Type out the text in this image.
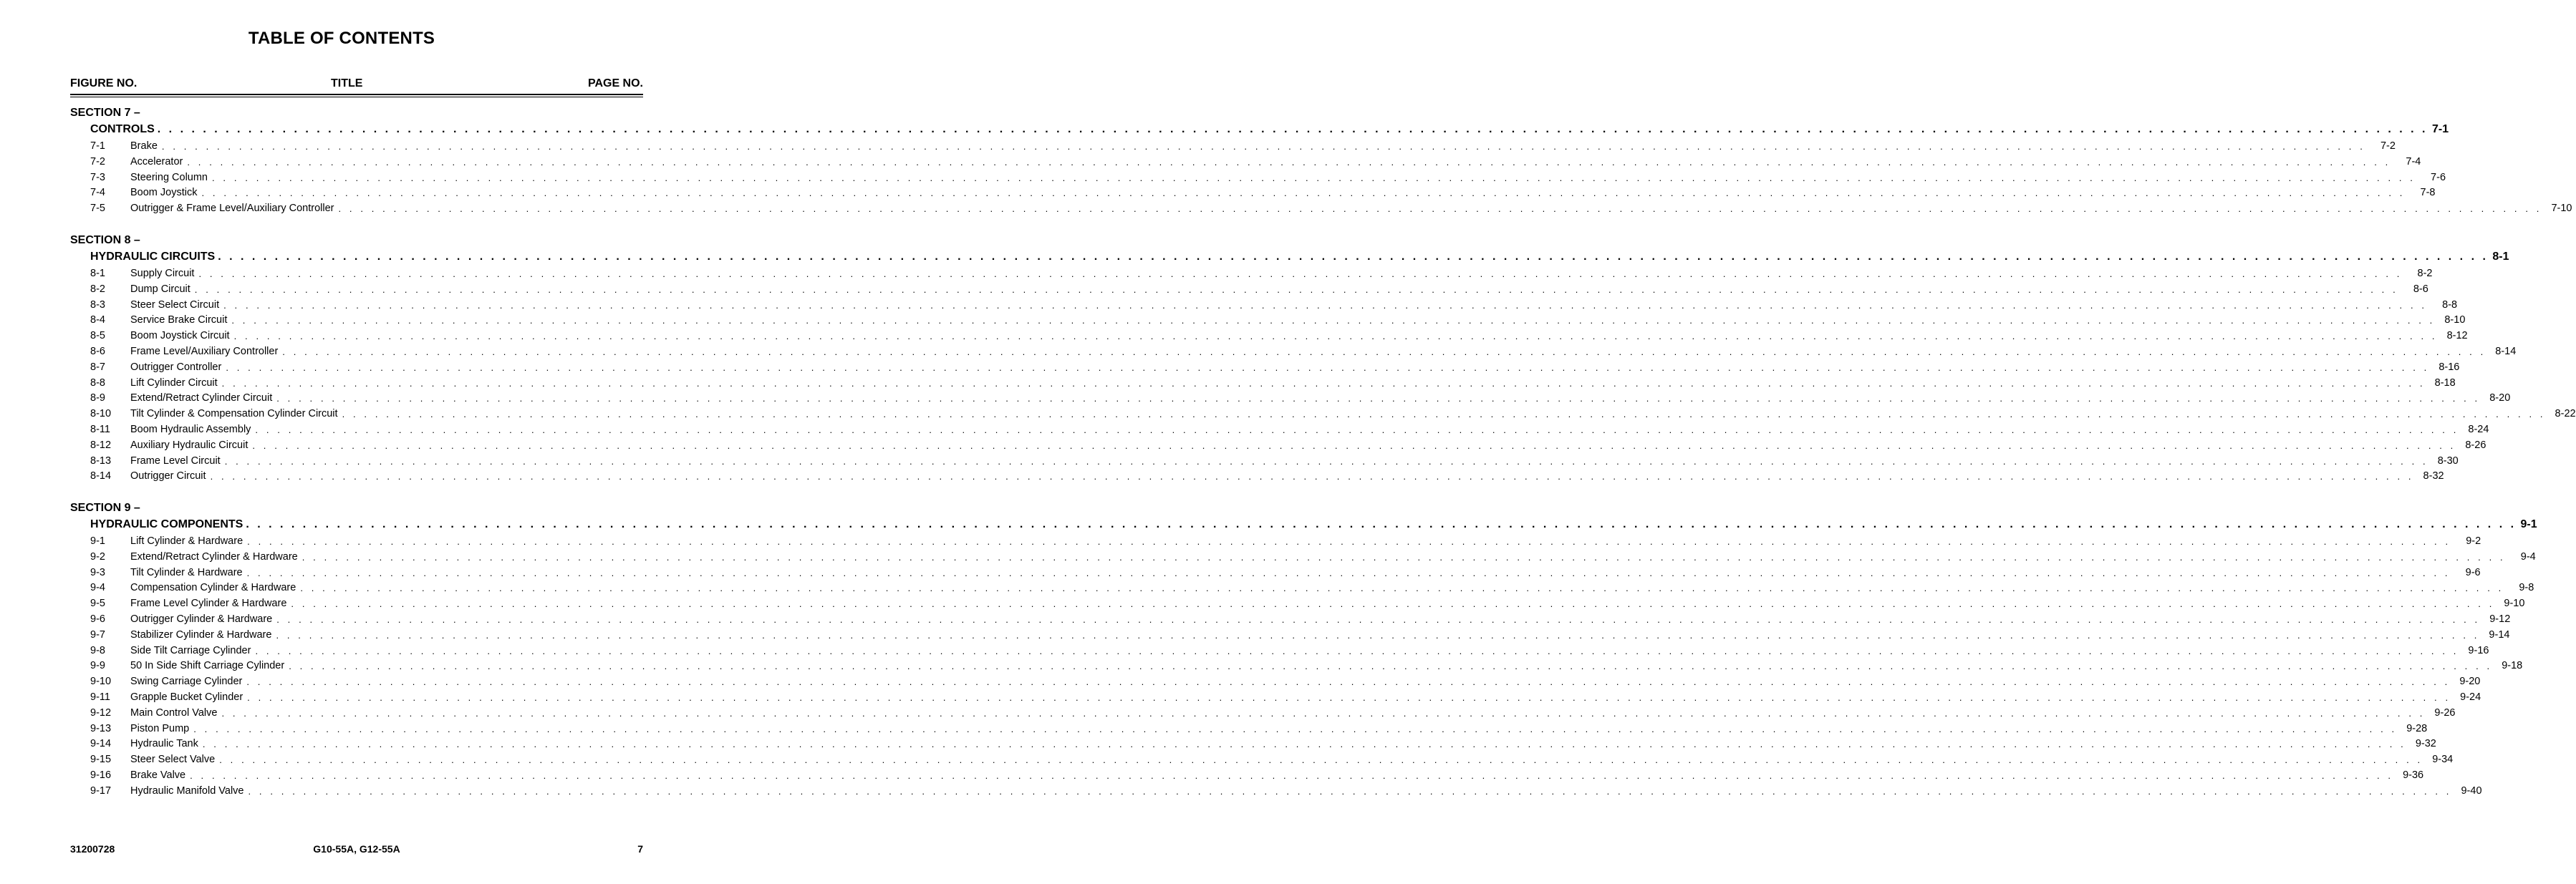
TABLE OF CONTENTS
FIGURE NO.	TITLE	PAGE NO.
SECTION 7 –
CONTROLS . . . . . . . . . . . . . . . . . . . . . . . . . . . . . . . . . . . . . . . . . . . . . . . . . . . . . . . . . . . . . . . . . . . . . . . . . . . . . . . . . . . . . . . . . . . . . . . . . . . . . . . . . . . . . . . . . . . . . . . . . . . . . . . . . . . . . . . . . . . . . . . . . . . . . . . . . . . . . . . . . . . . . . . . . . . . . . . . . . . . . . . . . . . . . . . . . . . . . . . . 7-1
7-1	Brake . . . . . . . . . . . . . . . . . . . . . . . . . . . . . . . . . . . . . . . . . . . . . . . . . . . . . . . . . . . . . . . . . . . . . . . . . . . . . . . . . . . . . . . . . . . . . . . . . . . . . . . . . . . . . . . . . . . . . . . . . . . . . . . . . . . . . . . . . . . . . . . . . . . . . . . . . . . . . . . . . . . . . . . . . . . . . . . . . . . . . . . . . . . . . . . . . . . . . . . .	7-2
7-2	Accelerator . . . . . . . . . . . . . . . . . . . . . . . . . . . . . . . . . . . . . . . . . . . . . . . . . . . . . . . . . . . . . . . . . . . . . . . . . . . . . . . . . . . . . . . . . . . . . . . . . . . . . . . . . . . . . . . . . . . . . . . . . . . . . . . . . . . . . . . . . . . . . . . . . . . . . . . . . . . . . . . . . . . . . . . . . . . . . . . . . . . . . . . . . . . . . . . . . . . . . . . .	7-4
7-3	Steering Column . . . . . . . . . . . . . . . . . . . . . . . . . . . . . . . . . . . . . . . . . . . . . . . . . . . . . . . . . . . . . . . . . . . . . . . . . . . . . . . . . . . . . . . . . . . . . . . . . . . . . . . . . . . . . . . . . . . . . . . . . . . . . . . . . . . . . . . . . . . . . . . . . . . . . . . . . . . . . . . . . . . . . . . . . . . . . . . . . . . . . . . . . . . . . . . . . . . . . . . .	7-6
7-4	Boom Joystick . . . . . . . . . . . . . . . . . . . . . . . . . . . . . . . . . . . . . . . . . . . . . . . . . . . . . . . . . . . . . . . . . . . . . . . . . . . . . . . . . . . . . . . . . . . . . . . . . . . . . . . . . . . . . . . . . . . . . . . . . . . . . . . . . . . . . . . . . . . . . . . . . . . . . . . . . . . . . . . . . . . . . . . . . . . . . . . . . . . . . . . . . . . . . . . . . . . . . . . .	7-8
7-5	Outrigger & Frame Level/Auxiliary Controller . . . . . . . . . . . . . . . . . . . . . . . . . . . . . . . . . . . . . . . . . . . . . . . . . . . . . . . . . . . . . . . . . . . . . . . . . . . . . . . . . . . . . . . . . . . . . . . . . . . . . . . . . . . . . . . . . . . . . . . . . . . . . . . . . . . . . . . . . . . . . . . . . . . . . . . . . . . . . . . . . . . . . . . . . . . . . . . . . . . . . . . . . . . . . . . . . . . . . . . . 7-10
SECTION 8 –
HYDRAULIC CIRCUITS . . . . . . . . . . . . . . . . . . . . . . . . . . . . . . . . . . . . . . . . . . . . . . . . . . . . . . . . . . . . . . . . . . . . . . . . . . . . . . . . . . . . . . . . . . . . . . . . . . . . . . . . . . . . . . . . . . . . . . . . . . . . . . . . . . . . . . . . . . . . . . . . . . . . . . . . . . . . . . . . . . . . . . . . . . . . . . . . . . . . . . . . . . . . . . . . . . . . . . . . 8-1
8-1	Supply Circuit . . . . . . . . . . . . . . . . . . . . . . . . . . . . . . . . . . . . . . . . . . . . . . . . . . . . . . . . . . . . . . . . . . . . . . . . . . . . . . . . . . . . . . . . . . . . . . . . . . . . . . . . . . . . . . . . . . . . . . . . . . . . . . . . . . . . . . . . . . . . . . . . . . . . . . . . . . . . . . . . . . . . . . . . . . . . . . . . . . . . . . . . . . . . . . . . . . . . . . . .	8-2
8-2	Dump Circuit . . . . . . . . . . . . . . . . . . . . . . . . . . . . . . . . . . . . . . . . . . . . . . . . . . . . . . . . . . . . . . . . . . . . . . . . . . . . . . . . . . . . . . . . . . . . . . . . . . . . . . . . . . . . . . . . . . . . . . . . . . . . . . . . . . . . . . . . . . . . . . . . . . . . . . . . . . . . . . . . . . . . . . . . . . . . . . . . . . . . . . . . . . . . . . . . . . . . . . . .	8-6
8-3	Steer Select Circuit . . . . . . . . . . . . . . . . . . . . . . . . . . . . . . . . . . . . . . . . . . . . . . . . . . . . . . . . . . . . . . . . . . . . . . . . . . . . . . . . . . . . . . . . . . . . . . . . . . . . . . . . . . . . . . . . . . . . . . . . . . . . . . . . . . . . . . . . . . . . . . . . . . . . . . . . . . . . . . . . . . . . . . . . . . . . . . . . . . . . . . . . . . . . . . . . . . . . . . . .	8-8
8-4	Service Brake Circuit . . . . . . . . . . . . . . . . . . . . . . . . . . . . . . . . . . . . . . . . . . . . . . . . . . . . . . . . . . . . . . . . . . . . . . . . . . . . . . . . . . . . . . . . . . . . . . . . . . . . . . . . . . . . . . . . . . . . . . . . . . . . . . . . . . . . . . . . . . . . . . . . . . . . . . . . . . . . . . . . . . . . . . . . . . . . . . . . . . . . . . . . . . . . . . . . . . . . . . . . 8-10
8-5	Boom Joystick Circuit . . . . . . . . . . . . . . . . . . . . . . . . . . . . . . . . . . . . . . . . . . . . . . . . . . . . . . . . . . . . . . . . . . . . . . . . . . . . . . . . . . . . . . . . . . . . . . . . . . . . . . . . . . . . . . . . . . . . . . . . . . . . . . . . . . . . . . . . . . . . . . . . . . . . . . . . . . . . . . . . . . . . . . . . . . . . . . . . . . . . . . . . . . . . . . . . . . . . . . . . 8-12
8-6	Frame Level/Auxiliary Controller . . . . . . . . . . . . . . . . . . . . . . . . . . . . . . . . . . . . . . . . . . . . . . . . . . . . . . . . . . . . . . . . . . . . . . . . . . . . . . . . . . . . . . . . . . . . . . . . . . . . . . . . . . . . . . . . . . . . . . . . . . . . . . . . . . . . . . . . . . . . . . . . . . . . . . . . . . . . . . . . . . . . . . . . . . . . . . . . . . . . . . . . . . . . . . . . . . . . . . . . 8-14
8-7	Outrigger Controller . . . . . . . . . . . . . . . . . . . . . . . . . . . . . . . . . . . . . . . . . . . . . . . . . . . . . . . . . . . . . . . . . . . . . . . . . . . . . . . . . . . . . . . . . . . . . . . . . . . . . . . . . . . . . . . . . . . . . . . . . . . . . . . . . . . . . . . . . . . . . . . . . . . . . . . . . . . . . . . . . . . . . . . . . . . . . . . . . . . . . . . . . . . . . . . . . . . . . . . . 8-16
8-8	Lift Cylinder Circuit . . . . . . . . . . . . . . . . . . . . . . . . . . . . . . . . . . . . . . . . . . . . . . . . . . . . . . . . . . . . . . . . . . . . . . . . . . . . . . . . . . . . . . . . . . . . . . . . . . . . . . . . . . . . . . . . . . . . . . . . . . . . . . . . . . . . . . . . . . . . . . . . . . . . . . . . . . . . . . . . . . . . . . . . . . . . . . . . . . . . . . . . . . . . . . . . . . . . . . . . 8-18
8-9	Extend/Retract Cylinder Circuit . . . . . . . . . . . . . . . . . . . . . . . . . . . . . . . . . . . . . . . . . . . . . . . . . . . . . . . . . . . . . . . . . . . . . . . . . . . . . . . . . . . . . . . . . . . . . . . . . . . . . . . . . . . . . . . . . . . . . . . . . . . . . . . . . . . . . . . . . . . . . . . . . . . . . . . . . . . . . . . . . . . . . . . . . . . . . . . . . . . . . . . . . . . . . . . . . . . . . . . . 8-20
8-10	Tilt Cylinder & Compensation Cylinder Circuit . . . . . . . . . . . . . . . . . . . . . . . . . . . . . . . . . . . . . . . . . . . . . . . . . . . . . . . . . . . . . . . . . . . . . . . . . . . . . . . . . . . . . . . . . . . . . . . . . . . . . . . . . . . . . . . . . . . . . . . . . . . . . . . . . . . . . . . . . . . . . . . . . . . . . . . . . . . . . . . . . . . . . . . . . . . . . . . . . . . . . . . . . . . . . . . . . . . . . . . . 8-22
8-11	Boom Hydraulic Assembly . . . . . . . . . . . . . . . . . . . . . . . . . . . . . . . . . . . . . . . . . . . . . . . . . . . . . . . . . . . . . . . . . . . . . . . . . . . . . . . . . . . . . . . . . . . . . . . . . . . . . . . . . . . . . . . . . . . . . . . . . . . . . . . . . . . . . . . . . . . . . . . . . . . . . . . . . . . . . . . . . . . . . . . . . . . . . . . . . . . . . . . . . . . . . . . . . . . . . . . . 8-24
8-12	Auxiliary Hydraulic Circuit . . . . . . . . . . . . . . . . . . . . . . . . . . . . . . . . . . . . . . . . . . . . . . . . . . . . . . . . . . . . . . . . . . . . . . . . . . . . . . . . . . . . . . . . . . . . . . . . . . . . . . . . . . . . . . . . . . . . . . . . . . . . . . . . . . . . . . . . . . . . . . . . . . . . . . . . . . . . . . . . . . . . . . . . . . . . . . . . . . . . . . . . . . . . . . . . . . . . . . . . 8-26
8-13	Frame Level Circuit . . . . . . . . . . . . . . . . . . . . . . . . . . . . . . . . . . . . . . . . . . . . . . . . . . . . . . . . . . . . . . . . . . . . . . . . . . . . . . . . . . . . . . . . . . . . . . . . . . . . . . . . . . . . . . . . . . . . . . . . . . . . . . . . . . . . . . . . . . . . . . . . . . . . . . . . . . . . . . . . . . . . . . . . . . . . . . . . . . . . . . . . . . . . . . . . . . . . . . . . 8-30
8-14	Outrigger Circuit . . . . . . . . . . . . . . . . . . . . . . . . . . . . . . . . . . . . . . . . . . . . . . . . . . . . . . . . . . . . . . . . . . . . . . . . . . . . . . . . . . . . . . . . . . . . . . . . . . . . . . . . . . . . . . . . . . . . . . . . . . . . . . . . . . . . . . . . . . . . . . . . . . . . . . . . . . . . . . . . . . . . . . . . . . . . . . . . . . . . . . . . . . . . . . . . . . . . . . . . 8-32
SECTION 9 –
HYDRAULIC COMPONENTS . . . . . . . . . . . . . . . . . . . . . . . . . . . . . . . . . . . . . . . . . . . . . . . . . . . . . . . . . . . . . . . . . . . . . . . . . . . . . . . . . . . . . . . . . . . . . . . . . . . . . . . . . . . . . . . . . . . . . . . . . . . . . . . . . . . . . . . . . . . . . . . . . . . . . . . . . . . . . . . . . . . . . . . . . . . . . . . . . . . . . . . . . . . . . . . . . . . . . . . . 9-1
9-1	Lift Cylinder & Hardware . . . . . . . . . . . . . . . . . . . . . . . . . . . . . . . . . . . . . . . . . . . . . . . . . . . . . . . . . . . . . . . . . . . . . . . . . . . . . . . . . . . . . . . . . . . . . . . . . . . . . . . . . . . . . . . . . . . . . . . . . . . . . . . . . . . . . . . . . . . . . . . . . . . . . . . . . . . . . . . . . . . . . . . . . . . . . . . . . . . . . . . . . . . . . . . . . . . . . . . .	9-2
9-2	Extend/Retract Cylinder & Hardware . . . . . . . . . . . . . . . . . . . . . . . . . . . . . . . . . . . . . . . . . . . . . . . . . . . . . . . . . . . . . . . . . . . . . . . . . . . . . . . . . . . . . . . . . . . . . . . . . . . . . . . . . . . . . . . . . . . . . . . . . . . . . . . . . . . . . . . . . . . . . . . . . . . . . . . . . . . . . . . . . . . . . . . . . . . . . . . . . . . . . . . . . . . . . . . . . . . . . . . .	9-4
9-3	Tilt Cylinder & Hardware . . . . . . . . . . . . . . . . . . . . . . . . . . . . . . . . . . . . . . . . . . . . . . . . . . . . . . . . . . . . . . . . . . . . . . . . . . . . . . . . . . . . . . . . . . . . . . . . . . . . . . . . . . . . . . . . . . . . . . . . . . . . . . . . . . . . . . . . . . . . . . . . . . . . . . . . . . . . . . . . . . . . . . . . . . . . . . . . . . . . . . . . . . . . . . . . . . . . . . . .	9-6
9-4	Compensation Cylinder & Hardware . . . . . . . . . . . . . . . . . . . . . . . . . . . . . . . . . . . . . . . . . . . . . . . . . . . . . . . . . . . . . . . . . . . . . . . . . . . . . . . . . . . . . . . . . . . . . . . . . . . . . . . . . . . . . . . . . . . . . . . . . . . . . . . . . . . . . . . . . . . . . . . . . . . . . . . . . . . . . . . . . . . . . . . . . . . . . . . . . . . . . . . . . . . . . . . . . . . . . . . .	9-8
9-5	Frame Level Cylinder & Hardware . . . . . . . . . . . . . . . . . . . . . . . . . . . . . . . . . . . . . . . . . . . . . . . . . . . . . . . . . . . . . . . . . . . . . . . . . . . . . . . . . . . . . . . . . . . . . . . . . . . . . . . . . . . . . . . . . . . . . . . . . . . . . . . . . . . . . . . . . . . . . . . . . . . . . . . . . . . . . . . . . . . . . . . . . . . . . . . . . . . . . . . . . . . . . . . . . . . . . . . . 9-10
9-6	Outrigger Cylinder & Hardware . . . . . . . . . . . . . . . . . . . . . . . . . . . . . . . . . . . . . . . . . . . . . . . . . . . . . . . . . . . . . . . . . . . . . . . . . . . . . . . . . . . . . . . . . . . . . . . . . . . . . . . . . . . . . . . . . . . . . . . . . . . . . . . . . . . . . . . . . . . . . . . . . . . . . . . . . . . . . . . . . . . . . . . . . . . . . . . . . . . . . . . . . . . . . . . . . . . . . . . . 9-12
9-7	Stabilizer Cylinder & Hardware . . . . . . . . . . . . . . . . . . . . . . . . . . . . . . . . . . . . . . . . . . . . . . . . . . . . . . . . . . . . . . . . . . . . . . . . . . . . . . . . . . . . . . . . . . . . . . . . . . . . . . . . . . . . . . . . . . . . . . . . . . . . . . . . . . . . . . . . . . . . . . . . . . . . . . . . . . . . . . . . . . . . . . . . . . . . . . . . . . . . . . . . . . . . . . . . . . . . . . . . 9-14
9-8	Side Tilt Carriage Cylinder . . . . . . . . . . . . . . . . . . . . . . . . . . . . . . . . . . . . . . . . . . . . . . . . . . . . . . . . . . . . . . . . . . . . . . . . . . . . . . . . . . . . . . . . . . . . . . . . . . . . . . . . . . . . . . . . . . . . . . . . . . . . . . . . . . . . . . . . . . . . . . . . . . . . . . . . . . . . . . . . . . . . . . . . . . . . . . . . . . . . . . . . . . . . . . . . . . . . . . . . 9-16
9-9	50 In Side Shift Carriage Cylinder . . . . . . . . . . . . . . . . . . . . . . . . . . . . . . . . . . . . . . . . . . . . . . . . . . . . . . . . . . . . . . . . . . . . . . . . . . . . . . . . . . . . . . . . . . . . . . . . . . . . . . . . . . . . . . . . . . . . . . . . . . . . . . . . . . . . . . . . . . . . . . . . . . . . . . . . . . . . . . . . . . . . . . . . . . . . . . . . . . . . . . . . . . . . . . . . . . . . . . . . 9-18
9-10	Swing Carriage Cylinder . . . . . . . . . . . . . . . . . . . . . . . . . . . . . . . . . . . . . . . . . . . . . . . . . . . . . . . . . . . . . . . . . . . . . . . . . . . . . . . . . . . . . . . . . . . . . . . . . . . . . . . . . . . . . . . . . . . . . . . . . . . . . . . . . . . . . . . . . . . . . . . . . . . . . . . . . . . . . . . . . . . . . . . . . . . . . . . . . . . . . . . . . . . . . . . . . . . . . . . . 9-20
9-11	Grapple Bucket Cylinder . . . . . . . . . . . . . . . . . . . . . . . . . . . . . . . . . . . . . . . . . . . . . . . . . . . . . . . . . . . . . . . . . . . . . . . . . . . . . . . . . . . . . . . . . . . . . . . . . . . . . . . . . . . . . . . . . . . . . . . . . . . . . . . . . . . . . . . . . . . . . . . . . . . . . . . . . . . . . . . . . . . . . . . . . . . . . . . . . . . . . . . . . . . . . . . . . . . . . . . . 9-24
9-12	Main Control Valve . . . . . . . . . . . . . . . . . . . . . . . . . . . . . . . . . . . . . . . . . . . . . . . . . . . . . . . . . . . . . . . . . . . . . . . . . . . . . . . . . . . . . . . . . . . . . . . . . . . . . . . . . . . . . . . . . . . . . . . . . . . . . . . . . . . . . . . . . . . . . . . . . . . . . . . . . . . . . . . . . . . . . . . . . . . . . . . . . . . . . . . . . . . . . . . . . . . . . . . . 9-26
9-13	Piston Pump . . . . . . . . . . . . . . . . . . . . . . . . . . . . . . . . . . . . . . . . . . . . . . . . . . . . . . . . . . . . . . . . . . . . . . . . . . . . . . . . . . . . . . . . . . . . . . . . . . . . . . . . . . . . . . . . . . . . . . . . . . . . . . . . . . . . . . . . . . . . . . . . . . . . . . . . . . . . . . . . . . . . . . . . . . . . . . . . . . . . . . . . . . . . . . . . . . . . . . . . 9-28
9-14	Hydraulic Tank . . . . . . . . . . . . . . . . . . . . . . . . . . . . . . . . . . . . . . . . . . . . . . . . . . . . . . . . . . . . . . . . . . . . . . . . . . . . . . . . . . . . . . . . . . . . . . . . . . . . . . . . . . . . . . . . . . . . . . . . . . . . . . . . . . . . . . . . . . . . . . . . . . . . . . . . . . . . . . . . . . . . . . . . . . . . . . . . . . . . . . . . . . . . . . . . . . . . . . . . 9-32
9-15	Steer Select Valve . . . . . . . . . . . . . . . . . . . . . . . . . . . . . . . . . . . . . . . . . . . . . . . . . . . . . . . . . . . . . . . . . . . . . . . . . . . . . . . . . . . . . . . . . . . . . . . . . . . . . . . . . . . . . . . . . . . . . . . . . . . . . . . . . . . . . . . . . . . . . . . . . . . . . . . . . . . . . . . . . . . . . . . . . . . . . . . . . . . . . . . . . . . . . . . . . . . . . . . . 9-34
9-16	Brake Valve . . . . . . . . . . . . . . . . . . . . . . . . . . . . . . . . . . . . . . . . . . . . . . . . . . . . . . . . . . . . . . . . . . . . . . . . . . . . . . . . . . . . . . . . . . . . . . . . . . . . . . . . . . . . . . . . . . . . . . . . . . . . . . . . . . . . . . . . . . . . . . . . . . . . . . . . . . . . . . . . . . . . . . . . . . . . . . . . . . . . . . . . . . . . . . . . . . . . . . . . 9-36
9-17	Hydraulic Manifold Valve . . . . . . . . . . . . . . . . . . . . . . . . . . . . . . . . . . . . . . . . . . . . . . . . . . . . . . . . . . . . . . . . . . . . . . . . . . . . . . . . . . . . . . . . . . . . . . . . . . . . . . . . . . . . . . . . . . . . . . . . . . . . . . . . . . . . . . . . . . . . . . . . . . . . . . . . . . . . . . . . . . . . . . . . . . . . . . . . . . . . . . . . . . . . . . . . . . . . . . . . 9-40
31200728	G10-55A, G12-55A	7
